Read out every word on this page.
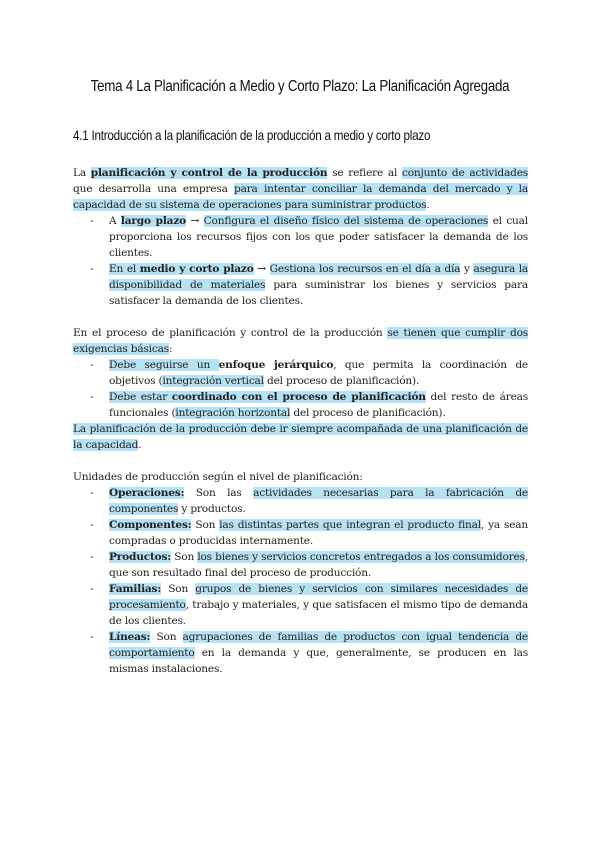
Tema 4 La Planificación a Medio y Corto Plazo: La Planificación Agregada
4.1 Introducción a la planificación de la producción a medio y corto plazo

La planificación y control de la producción se refiere al conjunto de actividades que desarrolla una empresa para intentar conciliar la demanda del mercado y la capacidad de su sistema de operaciones para suministrar productos.

- A largo plazo → Configura el diseño físico del sistema de operaciones el cual proporciona los recursos fijos con los que poder satisfacer la demanda de los clientes.
- En el medio y corto plazo → Gestiona los recursos en el día a día y asegura la disponibilidad de materiales para suministrar los bienes y servicios para satisfacer la demanda de los clientes.

En el proceso de planificación y control de la producción se tienen que cumplir dos exigencias básicas:

- Debe seguirse un enfoque jerárquico, que permita la coordinación de objetivos (integración vertical del proceso de planificación).
- Debe estar coordinado con el proceso de planificación del resto de áreas funcionales (integración horizontal del proceso de planificación).

La planificación de la producción debe ir siempre acompañada de una planificación de la capacidad.

Unidades de producción según el nivel de planificación:

- Operaciones: Son las actividades necesarias para la fabricación de componentes y productos.
- Componentes: Son las distintas partes que integran el producto final, ya sean compradas o producidas internamente.
- Productos: Son los bienes y servicios concretos entregados a los consumidores, que son resultado final del proceso de producción.
- Familias: Son grupos de bienes y servicios con similares necesidades de procesamiento, trabajo y materiales, y que satisfacen el mismo tipo de demanda de los clientes.
- Líneas: Son agrupaciones de familias de productos con igual tendencia de comportamiento en la demanda y que, generalmente, se producen en las mismas instalaciones.
